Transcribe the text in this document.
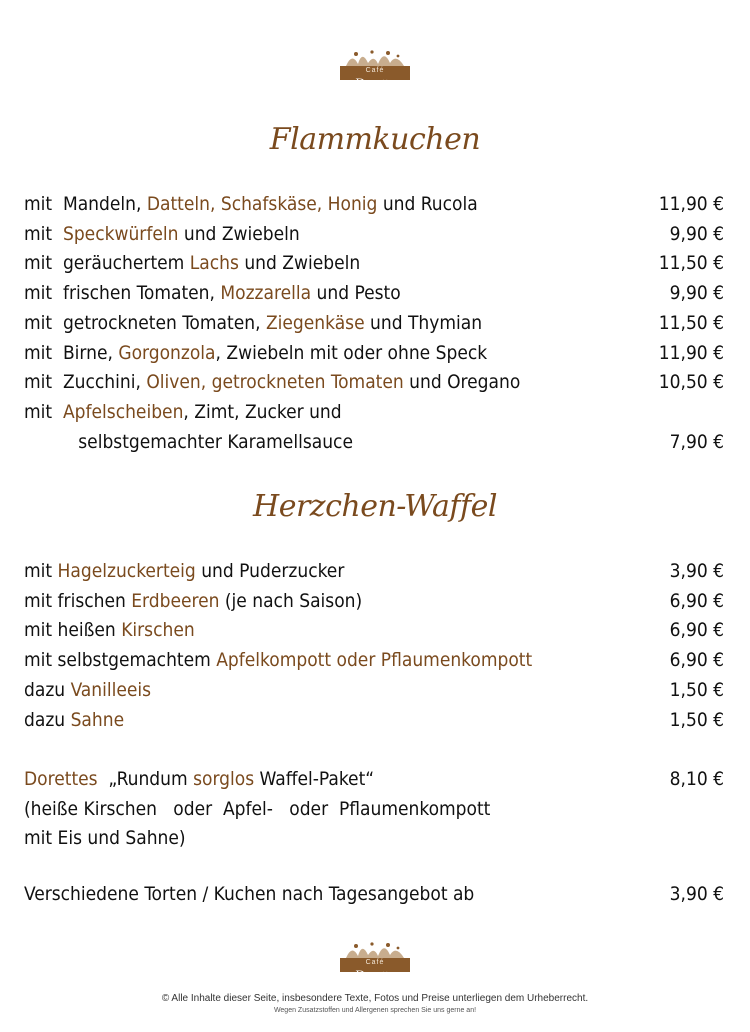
Café
Dorette
Flammkuchen
mit  Mandeln, Datteln, Schafskäse, Honig und Rucola	11,90 €
mit  Speckwürfeln und Zwiebeln	9,90 €
mit  geräuchertem Lachs und Zwiebeln	11,50 €
mit  frischen Tomaten, Mozzarella und Pesto	9,90 €
mit  getrockneten Tomaten, Ziegenkäse und Thymian	11,50 €
mit  Birne, Gorgonzola, Zwiebeln mit oder ohne Speck	11,90 €
mit  Zucchini, Oliven, getrockneten Tomaten und Oregano	10,50 €
mit  Apfelscheiben, Zimt, Zucker und
selbstgemachter Karamellsauce	7,90 €
Herzchen-Waffel
mit Hagelzuckerteig und Puderzucker	3,90 €
mit frischen Erdbeeren (je nach Saison)	6,90 €
mit heißen Kirschen	6,90 €
mit selbstgemachtem Apfelkompott oder Pflaumenkompott	6,90 €
dazu Vanilleeis	1,50 €
dazu Sahne	1,50 €
Dorettes  „Rundum sorglos Waffel-Paket“	8,10 €
(heiße Kirschen   oder  Apfel-   oder  Pflaumenkompott
mit Eis und Sahne)
Verschiedene Torten / Kuchen nach Tagesangebot ab	3,90 €
Café
Dorette
© Alle Inhalte dieser Seite, insbesondere Texte, Fotos und Preise unterliegen dem Urheberrecht.
Wegen Zusatzstoffen und Allergenen sprechen Sie uns gerne an!
